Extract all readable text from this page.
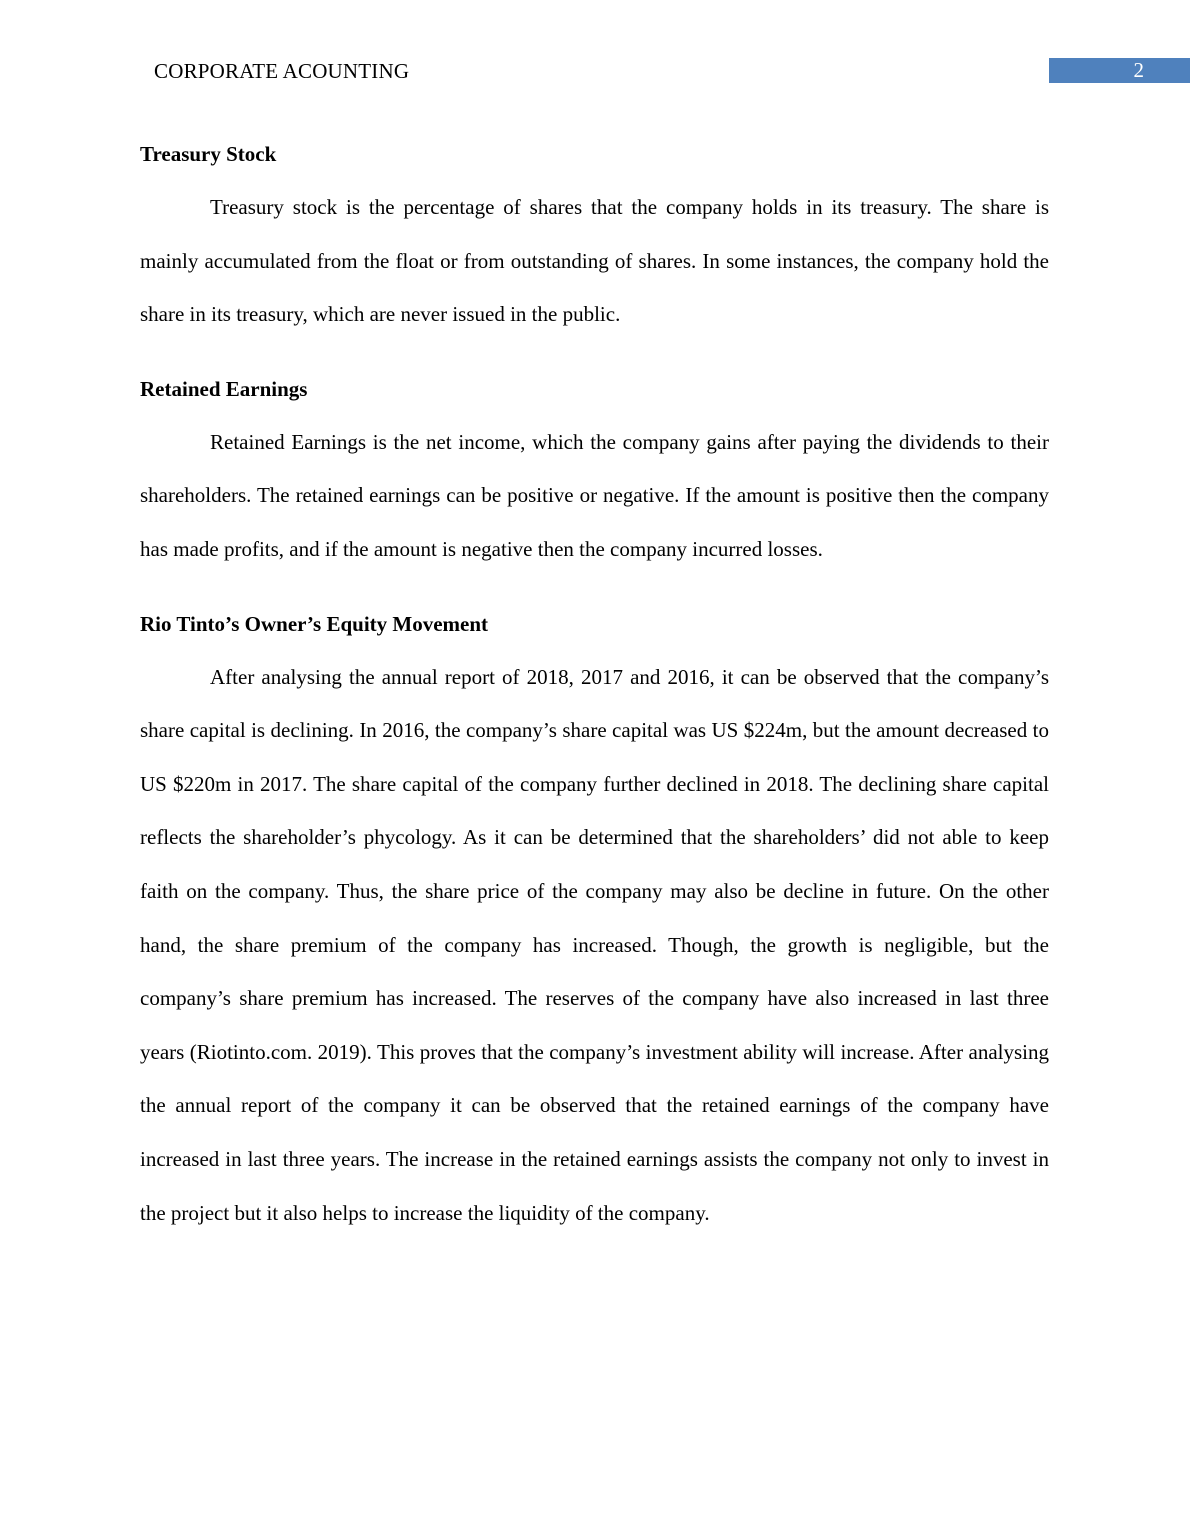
CORPORATE ACOUNTING	2
Treasury Stock

Treasury stock is the percentage of shares that the company holds in its treasury. The share is mainly accumulated from the float or from outstanding of shares. In some instances, the company hold the share in its treasury, which are never issued in the public.

Retained Earnings

Retained Earnings is the net income, which the company gains after paying the dividends to their shareholders. The retained earnings can be positive or negative. If the amount is positive then the company has made profits, and if the amount is negative then the company incurred losses.

Rio Tinto’s Owner’s Equity Movement

After analysing the annual report of 2018, 2017 and 2016, it can be observed that the company’s share capital is declining. In 2016, the company’s share capital was US $224m, but the amount decreased to US $220m in 2017. The share capital of the company further declined in 2018. The declining share capital reflects the shareholder’s phycology. As it can be determined that the shareholders’ did not able to keep faith on the company. Thus, the share price of the company may also be decline in future. On the other hand, the share premium of the company has increased. Though, the growth is negligible, but the company’s share premium has increased. The reserves of the company have also increased in last three years (Riotinto.com. 2019). This proves that the company’s investment ability will increase. After analysing the annual report of the company it can be observed that the retained earnings of the company have increased in last three years. The increase in the retained earnings assists the company not only to invest in the project but it also helps to increase the liquidity of the company.
